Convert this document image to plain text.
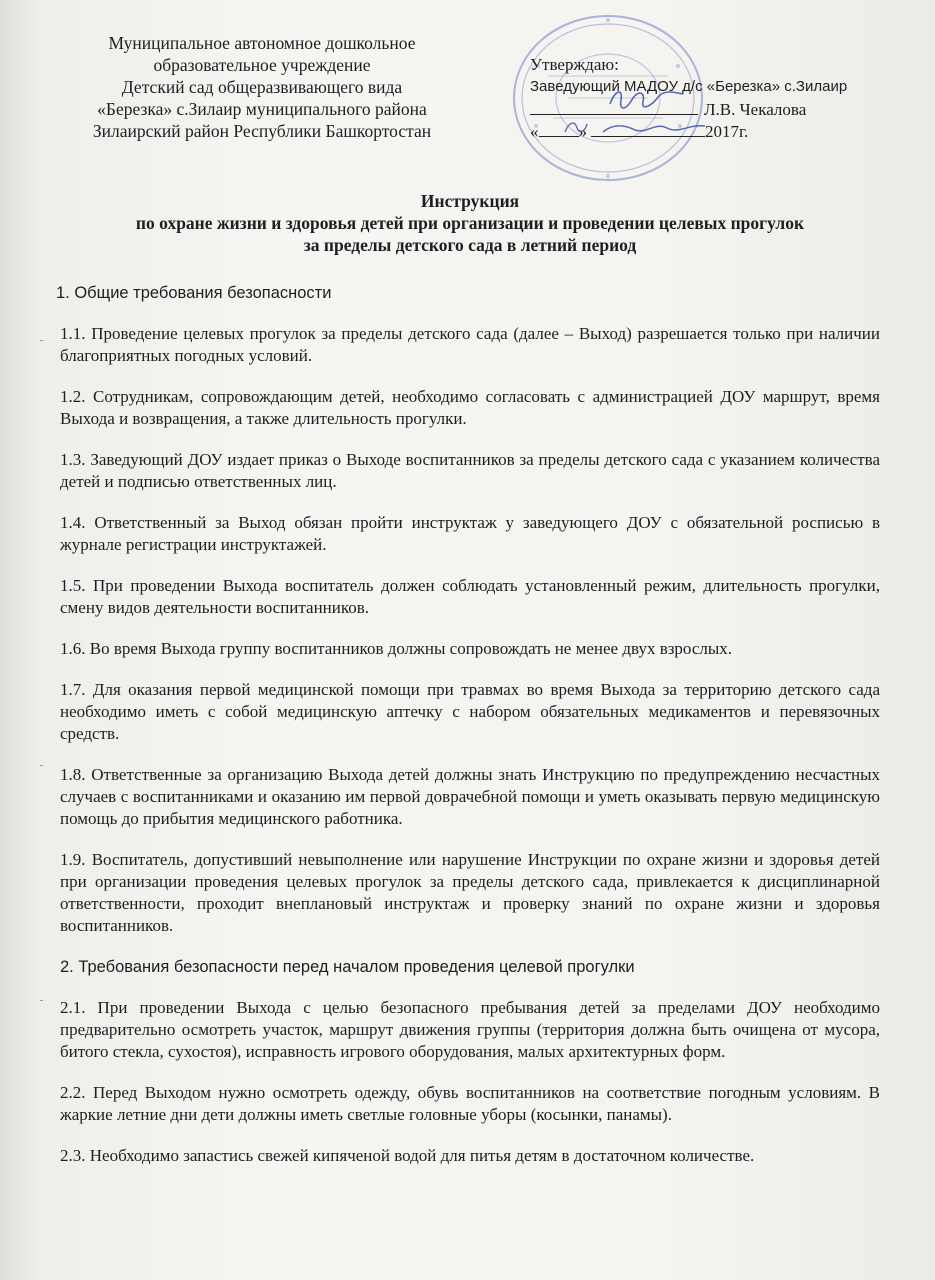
Муниципальное автономное дошкольное
образовательное учреждение
Детский сад общеразвивающего вида
«Березка» с.Зилаир муниципального района
Зилаирский район Республики Башкортостан
Утверждаю:
Заведующий МАДОУ д/с «Березка» с.Зилаир
Л.В. Чекалова
« »	2017г.
Инструкция
по охране жизни и здоровья детей при организации и проведении целевых прогулок
за пределы детского сада в летний период

1. Общие требования безопасности

1.1. Проведение целевых прогулок за пределы детского сада (далее – Выход) разрешается только при наличии благоприятных погодных условий.

1.2. Сотрудникам, сопровождающим детей, необходимо согласовать с администрацией ДОУ маршрут, время Выхода и возвращения, а также длительность прогулки.

1.3. Заведующий ДОУ издает приказ о Выходе воспитанников за пределы детского сада с указанием количества детей и подписью ответственных лиц.

1.4. Ответственный за Выход обязан пройти инструктаж у заведующего ДОУ с обязательной росписью в журнале регистрации инструктажей.

1.5. При проведении Выхода воспитатель должен соблюдать установленный режим, длительность прогулки, смену видов деятельности воспитанников.

1.6. Во время Выхода группу воспитанников должны сопровождать не менее двух взрослых.

1.7. Для оказания первой медицинской помощи при травмах во время Выхода за территорию детского сада необходимо иметь с собой медицинскую аптечку с набором обязательных медикаментов и перевязочных средств.

1.8. Ответственные за организацию Выхода детей должны знать Инструкцию по предупреждению несчастных случаев с воспитанниками и оказанию им первой доврачебной помощи и уметь оказывать первую медицинскую помощь до прибытия медицинского работника.

1.9. Воспитатель, допустивший невыполнение или нарушение Инструкции по охране жизни и здоровья детей при организации проведения целевых прогулок за пределы детского сада, привлекается к дисциплинарной ответственности, проходит внеплановый инструктаж и проверку знаний по охране жизни и здоровья воспитанников.

2. Требования безопасности перед началом проведения целевой прогулки

2.1. При проведении Выхода с целью безопасного пребывания детей за пределами ДОУ необходимо предварительно осмотреть участок, маршрут движения группы (территория должна быть очищена от мусора, битого стекла, сухостоя), исправность игрового оборудования, малых архитектурных форм.

2.2. Перед Выходом нужно осмотреть одежду, обувь воспитанников на соответствие погодным условиям. В жаркие летние дни дети должны иметь светлые головные уборы (косынки, панамы).

2.3. Необходимо запастись свежей кипяченой водой для питья детям в достаточном количестве.
